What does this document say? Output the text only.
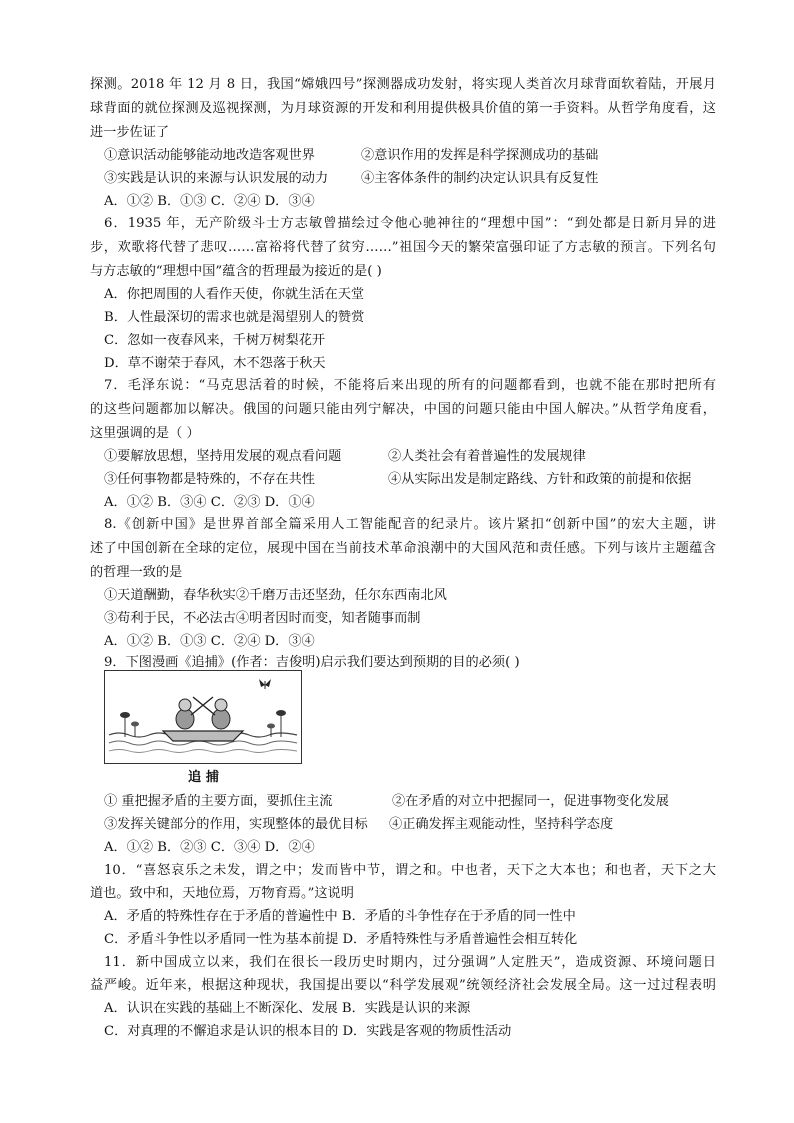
探测。2018 年 12 月 8 日，我国“嫦娥四号”探测器成功发射，将实现人类首次月球背面软着陆，开展月
球背面的就位探测及巡视探测，为月球资源的开发和利用提供极具价值的第一手资料。从哲学角度看，这
进一步佐证了
①意识活动能够能动地改造客观世界	②意识作用的发挥是科学探测成功的基础
③实践是认识的来源与认识发展的动力 ④主客体条件的制约决定认识具有反复性
A．①② B．①③ C．②④ D．③④
6．1935 年，无产阶级斗士方志敏曾描绘过令他心驰神往的“理想中国”：“到处都是日新月异的进
步，欢歌将代替了悲叹……富裕将代替了贫穷……”祖国今天的繁荣富强印证了方志敏的预言。下列名句
与方志敏的“理想中国”蕴含的哲理最为接近的是( )
A．你把周围的人看作天使，你就生活在天堂
B．人性最深切的需求也就是渴望别人的赞赏
C．忽如一夜春风来，千树万树梨花开
D．草不谢荣于春风，木不怨落于秋天
7．毛泽东说：“马克思活着的时候，不能将后来出现的所有的问题都看到，也就不能在那时把所有
的这些问题都加以解决。俄国的问题只能由列宁解决，中国的问题只能由中国人解决。”从哲学角度看，
这里强调的是（ ）
①要解放思想，坚持用发展的观点看问题	②人类社会有着普遍性的发展规律
③任何事物都是特殊的，不存在共性	④从实际出发是制定路线、方针和政策的前提和依据
A．①② B．③④ C．②③ D．①④
8.《创新中国》是世界首部全篇采用人工智能配音的纪录片。该片紧扣“创新中国”的宏大主题，讲
述了中国创新在全球的定位，展现中国在当前技术革命浪潮中的大国风范和责任感。下列与该片主题蕴含
的哲理一致的是
①天道酬勤，春华秋实②千磨万击还坚劲，任尔东西南北风
③苟利于民，不必法古④明者因时而变，知者随事而制
A．①② B．①③ C．②④ D．③④
9．下图漫画《追捕》(作者：吉俊明)启示我们要达到预期的目的必须( )
追 捕
① 重把握矛盾的主要方面，要抓住主流	②在矛盾的对立中把握同一，促进事物变化发展
③发挥关键部分的作用，实现整体的最优目标 ④正确发挥主观能动性，坚持科学态度
A．①② B．②③ C．③④ D．②④
10．“喜怒哀乐之未发，谓之中；发而皆中节，谓之和。中也者，天下之大本也；和也者，天下之大
道也。致中和，天地位焉，万物育焉。”这说明
A．矛盾的特殊性存在于矛盾的普遍性中 B．矛盾的斗争性存在于矛盾的同一性中
C．矛盾斗争性以矛盾同一性为基本前提 D．矛盾特殊性与矛盾普遍性会相互转化
11．新中国成立以来，我们在很长一段历史时期内，过分强调”人定胜天”，造成资源、环境问题日
益严峻。近年来，根据这种现状，我国提出要以“科学发展观”统领经济社会发展全局。这一过过程表明
A．认识在实践的基础上不断深化、发展 B．实践是认识的来源
C．对真理的不懈追求是认识的根本目的 D．实践是客观的物质性活动
